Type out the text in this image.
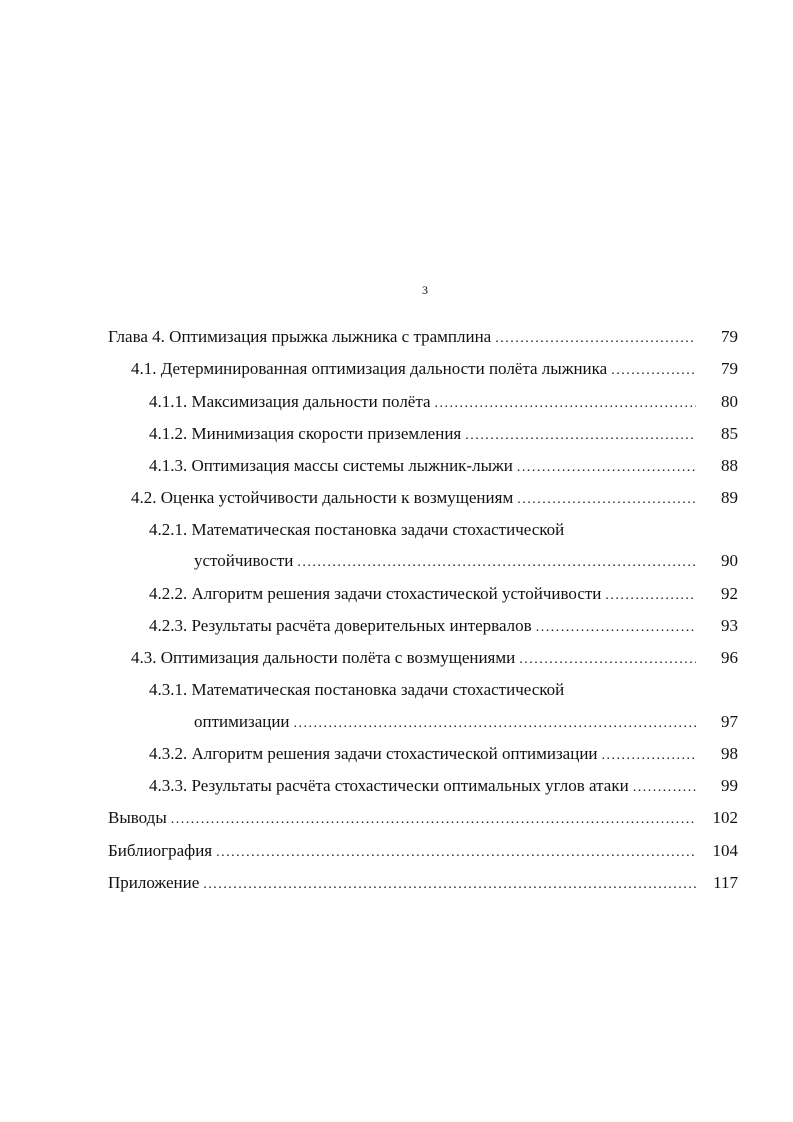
3
Глава 4. Оптимизация прыжка лыжника с трамплина . . .	79
4.1. Детерминированная оптимизация дальности полёта лыжника . . .	79
4.1.1. Максимизация дальности полёта . . .	80
4.1.2. Минимизация скорости приземления . . .	85
4.1.3. Оптимизация массы системы лыжник-лыжи . . .	88
4.2. Оценка устойчивости дальности к возмущениям . . .	89
4.2.1. Математическая постановка задачи стохастической
устойчивости . . .	90
4.2.2. Алгоритм решения задачи стохастической устойчивости . . .	92
4.2.3. Результаты расчёта доверительных интервалов . . .	93
4.3. Оптимизация дальности полёта с возмущениями . . .	96
4.3.1. Математическая постановка задачи стохастической
оптимизации . . .	97
4.3.2. Алгоритм решения задачи стохастической оптимизации . . .	98
4.3.3. Результаты расчёта стохастически оптимальных углов атаки . . .	99
Выводы . . .	102
Библиография . . .	104
Приложение . . .	117
